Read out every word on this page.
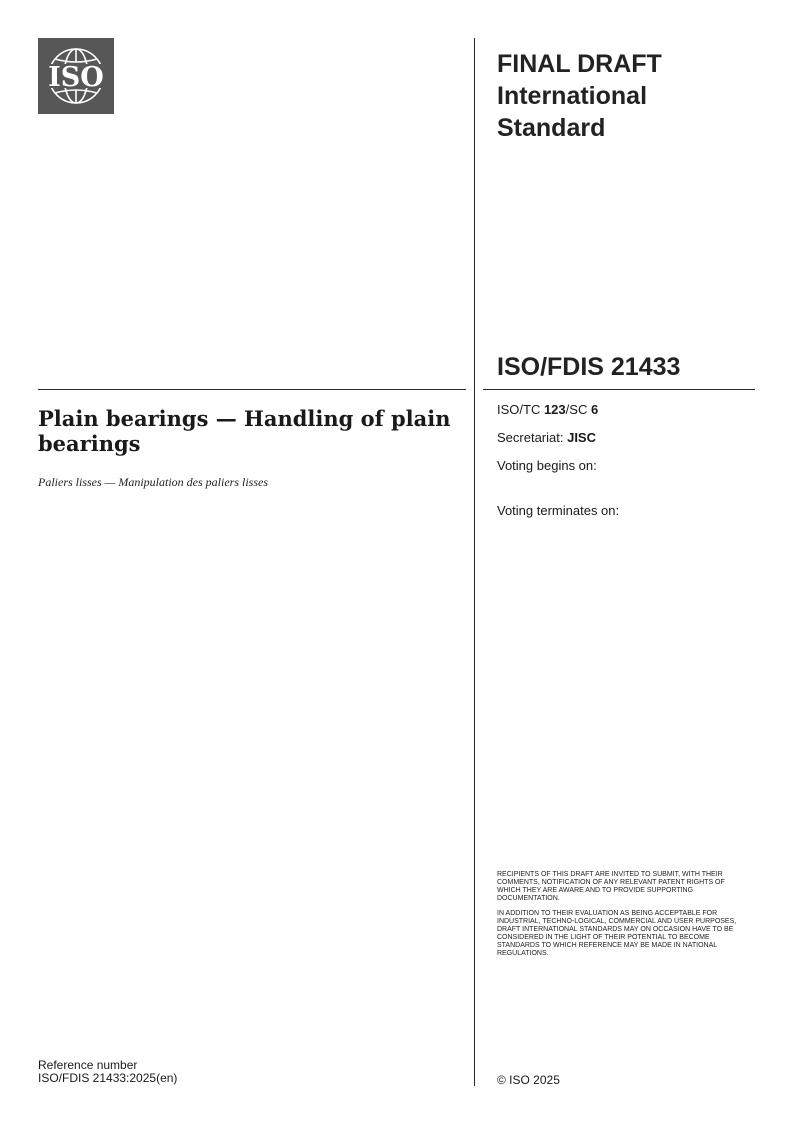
ISO	FINAL DRAFT
International
Standard
ISO/FDIS 21433
Plain bearings — Handling of plain bearings
Paliers lisses — Manipulation des paliers lisses
ISO/TC 123/SC 6
Secretariat: JISC
Voting begins on:
Voting terminates on:
RECIPIENTS OF THIS DRAFT ARE INVITED TO SUBMIT, WITH THEIR COMMENTS, NOTIFICATION OF ANY RELEVANT PATENT RIGHTS OF WHICH THEY ARE AWARE AND TO PROVIDE SUPPORTING DOCUMENTATION.
IN ADDITION TO THEIR EVALUATION AS BEING ACCEPTABLE FOR INDUSTRIAL, TECHNO-LOGICAL, COMMERCIAL AND USER PURPOSES, DRAFT INTERNATIONAL STANDARDS MAY ON OCCASION HAVE TO BE CONSIDERED IN THE LIGHT OF THEIR POTENTIAL TO BECOME STANDARDS TO WHICH REFERENCE MAY BE MADE IN NATIONAL REGULATIONS.
Reference number
ISO/FDIS 21433:2025(en)	© ISO 2025
